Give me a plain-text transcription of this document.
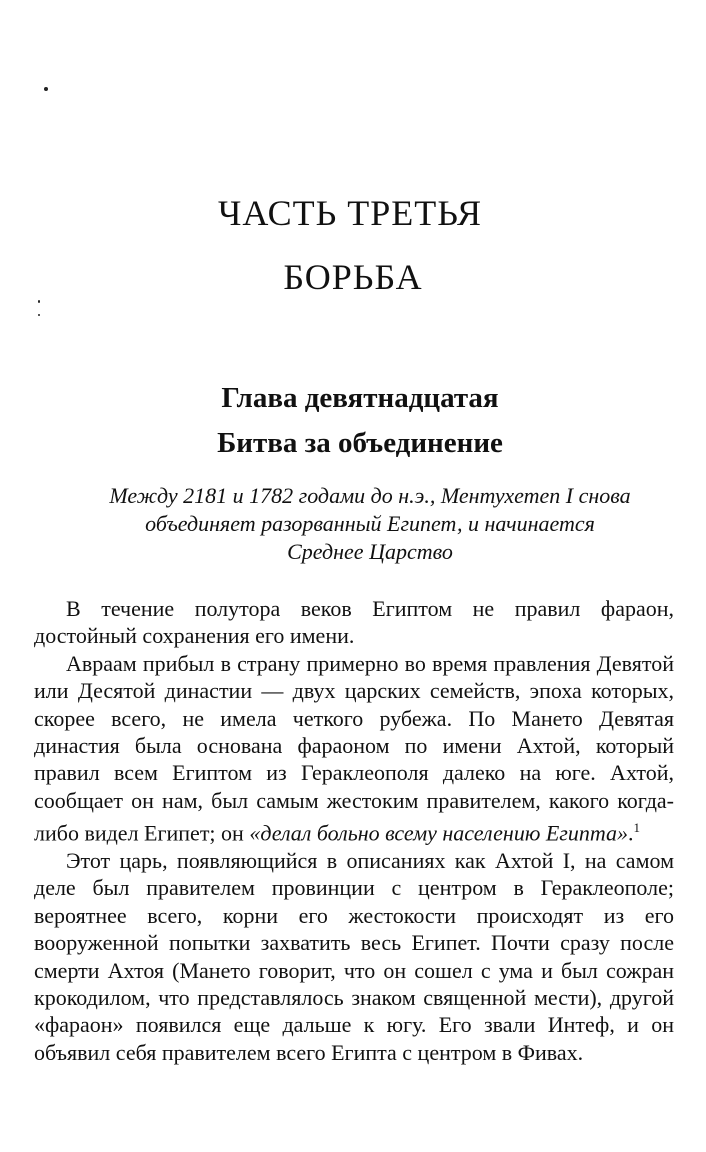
ЧАСТЬ ТРЕТЬЯ
БОРЬБА
Глава девятнадцатая
Битва за объединение
Между 2181 и 1782 годами до н.э., Ментухетеп I снова
объединяет разорванный Египет, и начинается
Среднее Царство

В течение полутора веков Египтом не правил фараон, достойный сохранения его имени.

Авраам прибыл в страну примерно во время правления Девятой или Десятой династии — двух царских семейств, эпоха которых, скорее всего, не имела четкого рубежа. По Мането Девятая династия была основана фараоном по имени Ахтой, который правил всем Египтом из Гераклеополя далеко на юге. Ахтой, сообщает он нам, был самым жестоким правителем, какого когда-либо видел Египет; он «делал больно всему населению Египта».$^1$

Этот царь, появляющийся в описаниях как Ахтой I, на самом деле был правителем провинции с центром в Гераклеополе; вероятнее всего, корни его жестокости происходят из его вооруженной попытки захватить весь Египет. Почти сразу после смерти Ахтоя (Мането говорит, что он сошел с ума и был сожран крокодилом, что представлялось знаком священной мести), другой «фараон» появился еще дальше к югу. Его звали Интеф, и он объявил себя правителем всего Египта с центром в Фивах.
